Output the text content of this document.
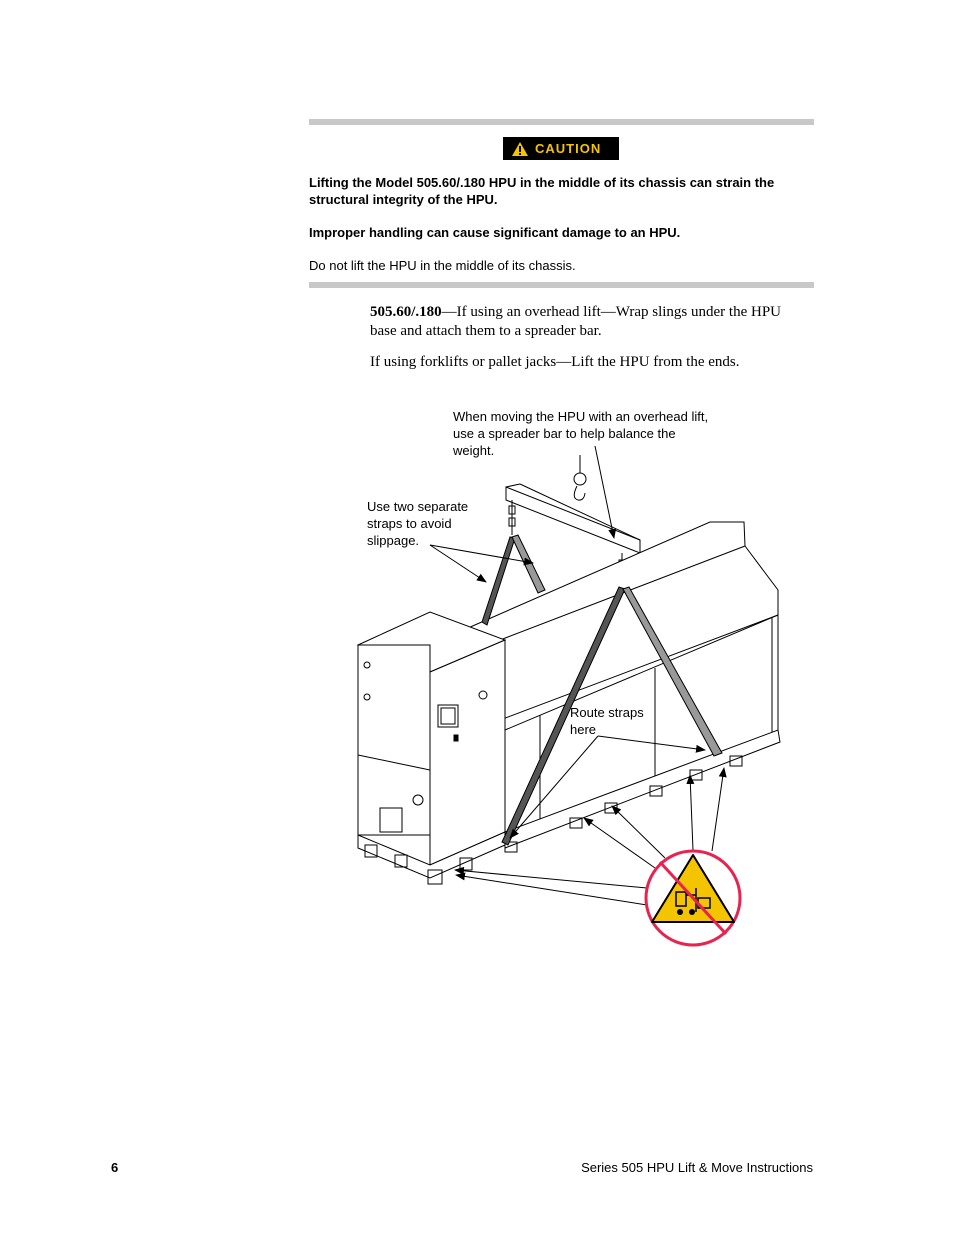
CAUTION
Lifting the Model 505.60/.180 HPU in the middle of its chassis can strain the structural integrity of the HPU.
Improper handling can cause significant damage to an HPU.
Do not lift the HPU in the middle of its chassis.
505.60/.180—If using an overhead lift—Wrap slings under the HPU base and attach them to a spreader bar.
If using forklifts or pallet jacks—Lift the HPU from the ends.
When moving the HPU with an overhead lift, use a spreader bar to help balance the weight.
Use two separate straps to avoid slippage.
Route straps here
6	Series 505 HPU Lift & Move Instructions
